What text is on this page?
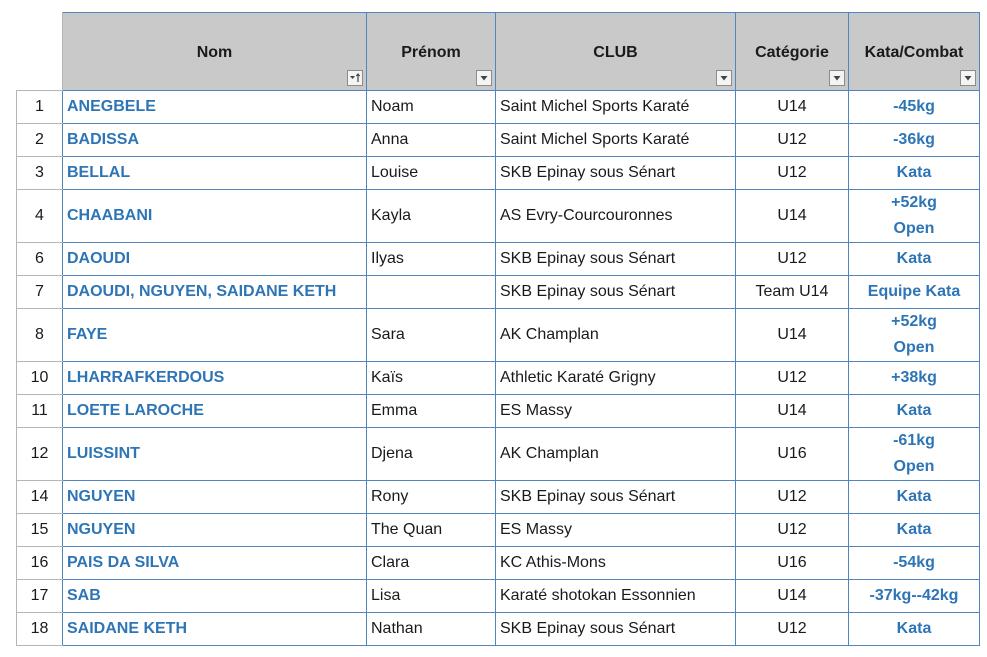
	Nom	Prénom	CLUB	Catégorie	Kata/Combat

1	ANEGBELE	Noam	Saint Michel Sports Karaté	U14	-45kg

2	BADISSA	Anna	Saint Michel Sports Karaté	U12	-36kg

3	BELLAL	Louise	SKB Epinay sous Sénart	U12	Kata

4	CHAABANI	Kayla	AS Evry-Courcouronnes	U14	+52kg
Open

6	DAOUDI	Ilyas	SKB Epinay sous Sénart	U12	Kata

7	DAOUDI, NGUYEN, SAIDANE KETH		SKB Epinay sous Sénart	Team U14	Equipe Kata

8	FAYE	Sara	AK Champlan	U14	+52kg
Open

10	LHARRAFKERDOUS	Kaïs	Athletic Karaté Grigny	U12	+38kg

11	LOETE LAROCHE	Emma	ES Massy	U14	Kata

12	LUISSINT	Djena	AK Champlan	U16	-61kg
Open

14	NGUYEN	Rony	SKB Epinay sous Sénart	U12	Kata

15	NGUYEN	The Quan	ES Massy	U12	Kata

16	PAIS DA SILVA	Clara	KC Athis-Mons	U16	-54kg

17	SAB	Lisa	Karaté shotokan Essonnien	U14	-37kg--42kg

18	SAIDANE KETH	Nathan	SKB Epinay sous Sénart	U12	Kata
